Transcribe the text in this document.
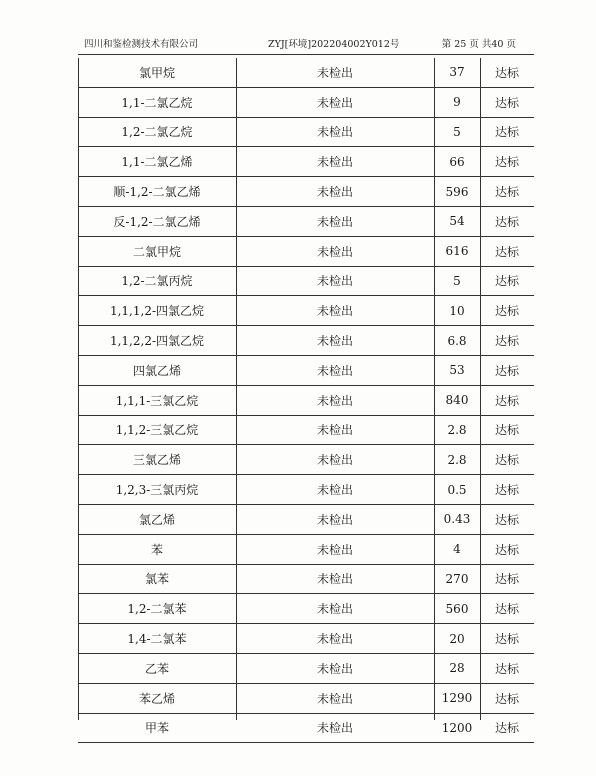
四川和鉴检测技术有限公司	ZYJ[环境]202204002Y012号	第 25 页 共40 页
氯甲烷	未检出	37	达标
1,1-二氯乙烷	未检出	9	达标
1,2-二氯乙烷	未检出	5	达标
1,1-二氯乙烯	未检出	66	达标
顺-1,2-二氯乙烯	未检出	596	达标
反-1,2-二氯乙烯	未检出	54	达标
二氯甲烷	未检出	616	达标
1,2-二氯丙烷	未检出	5	达标
1,1,1,2-四氯乙烷	未检出	10	达标
1,1,2,2-四氯乙烷	未检出	6.8	达标
四氯乙烯	未检出	53	达标
1,1,1-三氯乙烷	未检出	840	达标
1,1,2-三氯乙烷	未检出	2.8	达标
三氯乙烯	未检出	2.8	达标
1,2,3-三氯丙烷	未检出	0.5	达标
氯乙烯	未检出	0.43	达标
苯	未检出	4	达标
氯苯	未检出	270	达标
1,2-二氯苯	未检出	560	达标
1,4-二氯苯	未检出	20	达标
乙苯	未检出	28	达标
苯乙烯	未检出	1290	达标
甲苯	未检出	1200	达标
